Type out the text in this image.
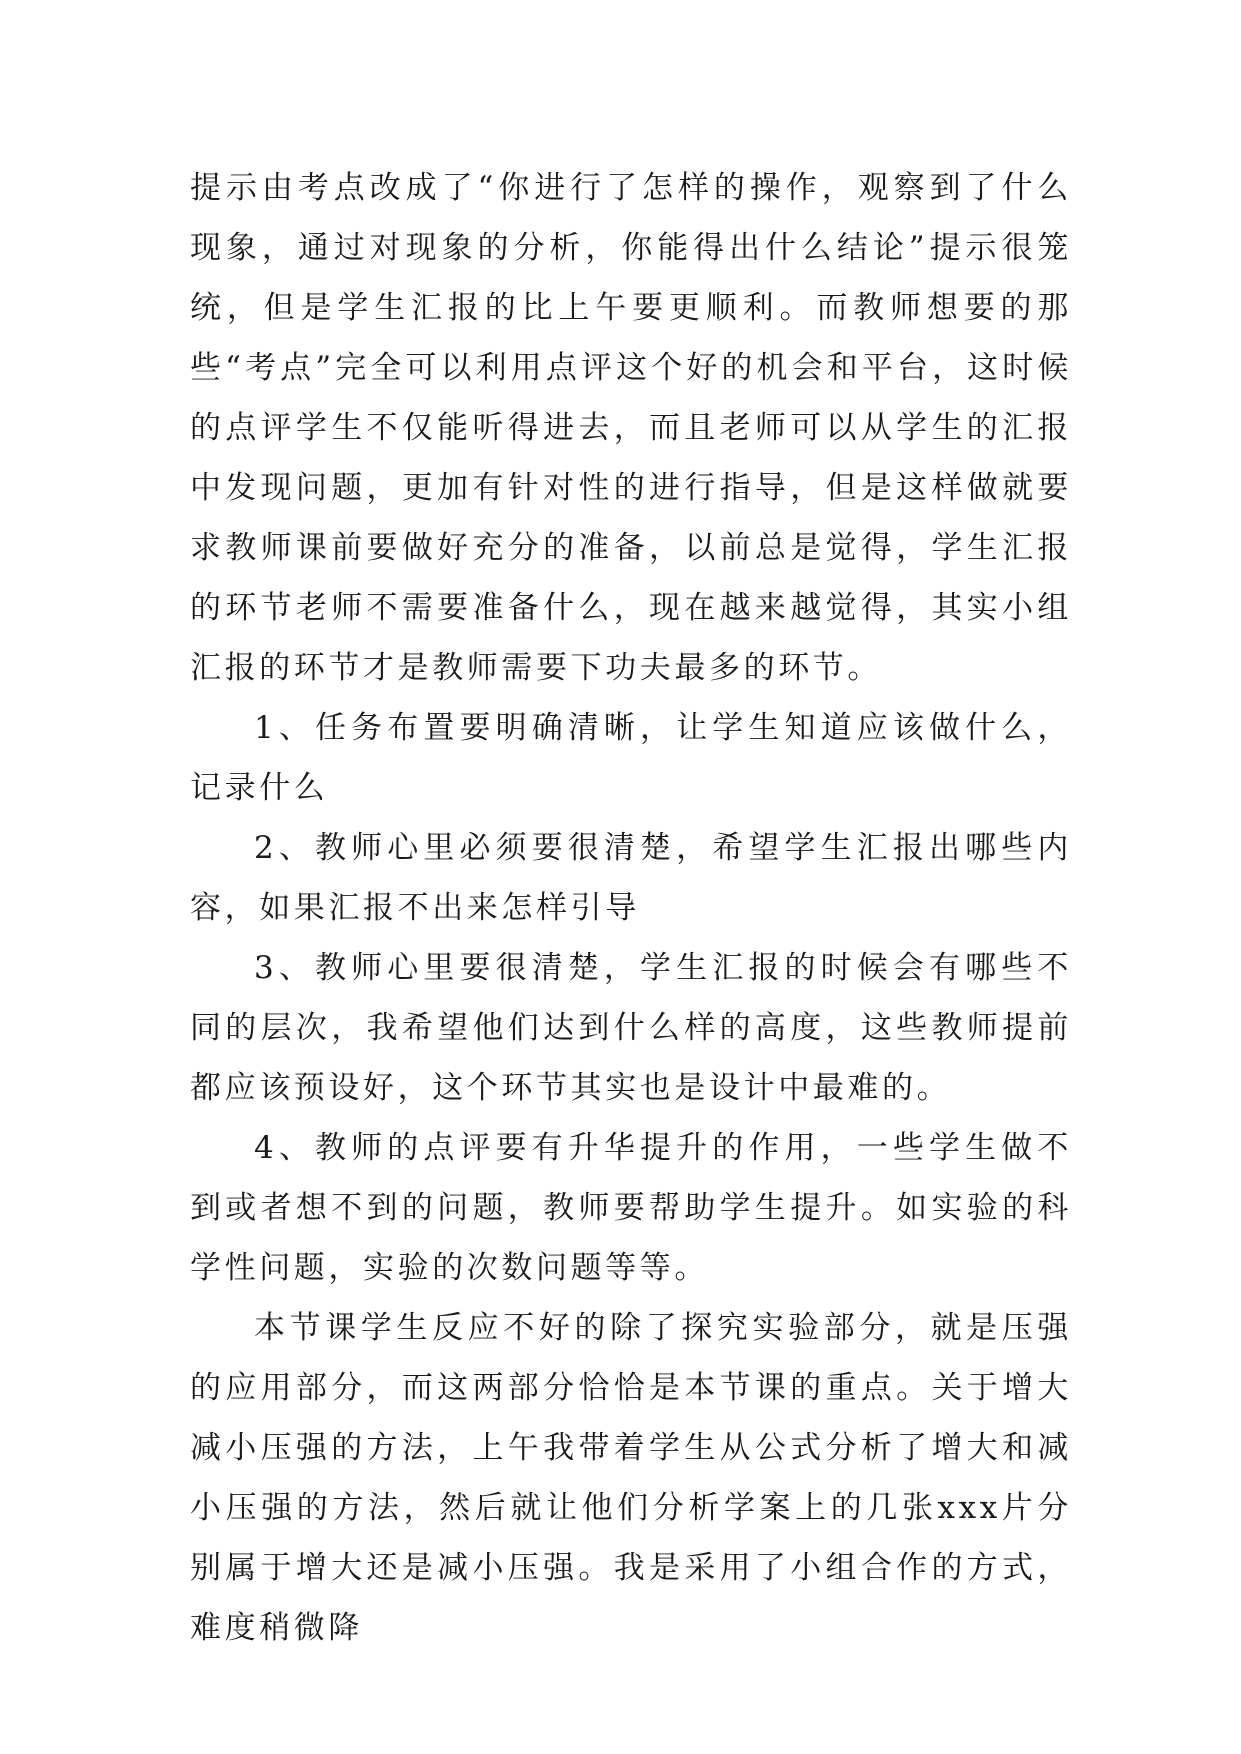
提示由考点改成了“你进行了怎样的操作，观察到了什么现象，通过对现象的分析，你能得出什么结论”提示很笼统，但是学生汇报的比上午要更顺利。而教师想要的那些“考点”完全可以利用点评这个好的机会和平台，这时候的点评学生不仅能听得进去，而且老师可以从学生的汇报中发现问题，更加有针对性的进行指导，但是这样做就要求教师课前要做好充分的准备，以前总是觉得，学生汇报的环节老师不需要准备什么，现在越来越觉得，其实小组汇报的环节才是教师需要下功夫最多的环节。

1、任务布置要明确清晰，让学生知道应该做什么，记录什么

2、教师心里必须要很清楚，希望学生汇报出哪些内容，如果汇报不出来怎样引导

3、教师心里要很清楚，学生汇报的时候会有哪些不同的层次，我希望他们达到什么样的高度，这些教师提前都应该预设好，这个环节其实也是设计中最难的。

4、教师的点评要有升华提升的作用，一些学生做不到或者想不到的问题，教师要帮助学生提升。如实验的科学性问题，实验的次数问题等等。

本节课学生反应不好的除了探究实验部分，就是压强的应用部分，而这两部分恰恰是本节课的重点。关于增大减小压强的方法，上午我带着学生从公式分析了增大和减小压强的方法，然后就让他们分析学案上的几张xxx片分别属于增大还是减小压强。我是采用了小组合作的方式，难度稍微降
